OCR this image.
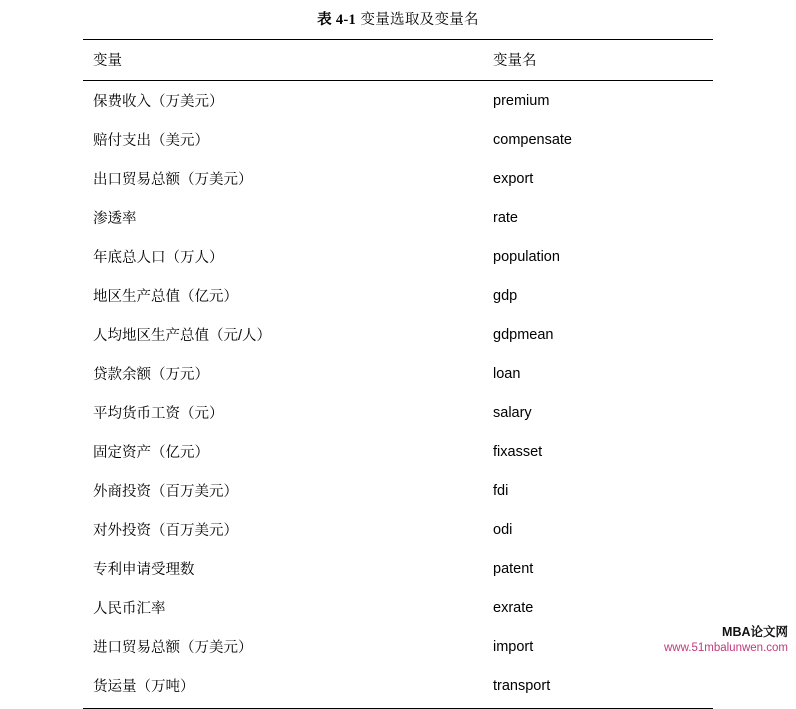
表 4-1 变量选取及变量名
变量	变量名
保费收入（万美元）	premium
赔付支出（美元）	compensate
出口贸易总额（万美元）	export
渗透率	rate
年底总人口（万人）	population
地区生产总值（亿元）	gdp
人均地区生产总值（元/人）	gdpmean
贷款余额（万元）	loan
平均货币工资（元）	salary
固定资产（亿元）	fixasset
外商投资（百万美元）	fdi
对外投资（百万美元）	odi
专利申请受理数	patent
人民币汇率	exrate
进口贸易总额（万美元）	import
货运量（万吨）	transport
MBA论文网
www.51mbalunwen.com
